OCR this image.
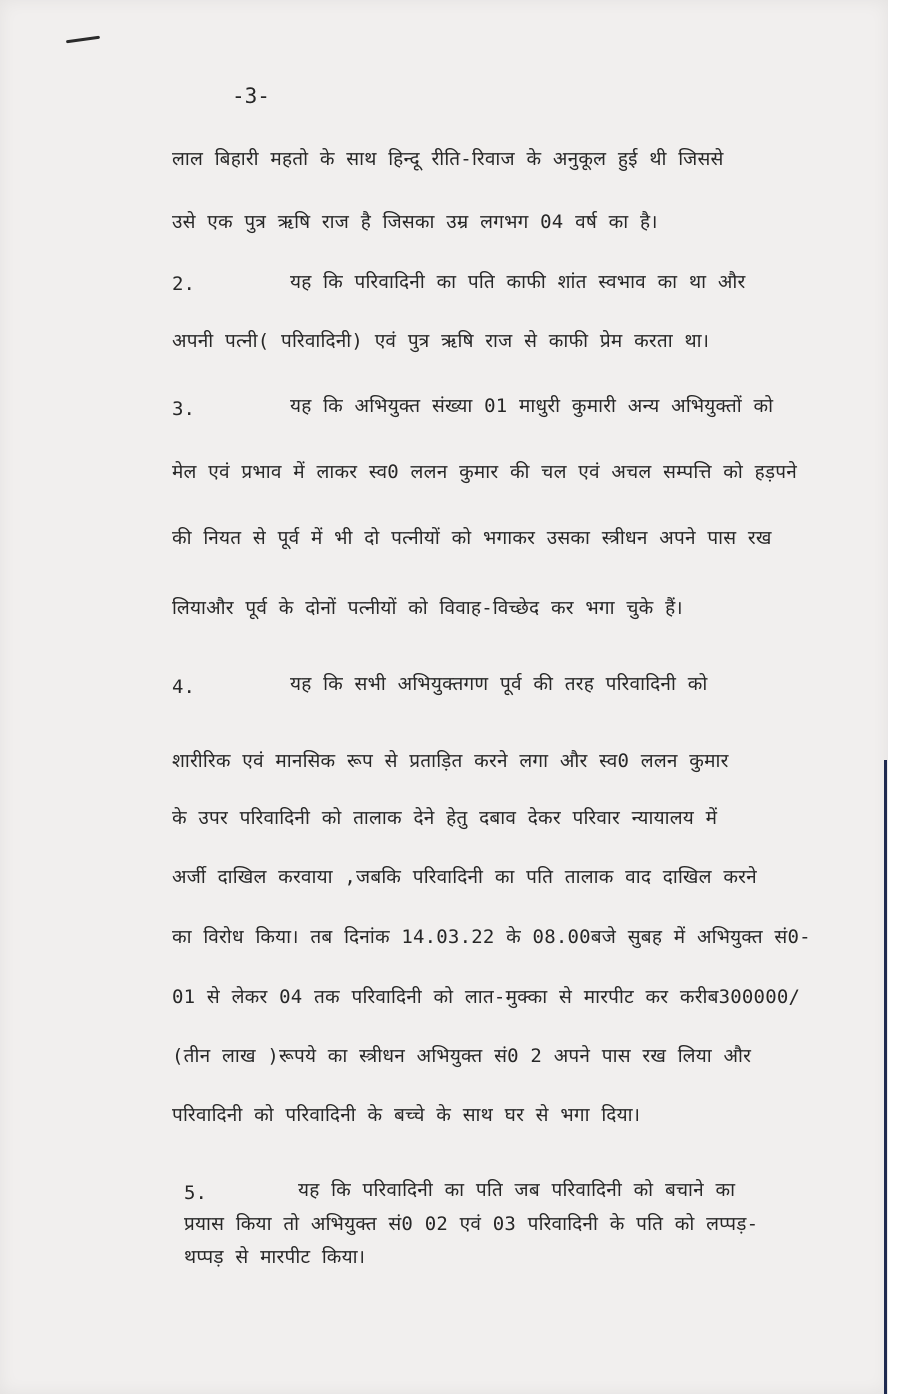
-3-

लाल बिहारी महतो के साथ हिन्दू रीति-रिवाज के अनुकूल हुई थी जिससे

उसे एक पुत्र ऋषि राज है जिसका उम्र लगभग 04 वर्ष का है।

2.	यह कि परिवादिनी का पति काफी शांत स्वभाव का था और

अपनी पत्नी( परिवादिनी) एवं पुत्र ऋषि राज से काफी प्रेम करता था।

3.	यह कि अभियुक्त संख्या 01 माधुरी कुमारी अन्य अभियुक्तों को

मेल एवं प्रभाव में लाकर स्व0 ललन कुमार की चल एवं अचल सम्पत्ति को हड़पने

की नियत से पूर्व में भी दो पत्नीयों को भगाकर उसका स्त्रीधन अपने पास रख

लियाऔर पूर्व के दोनों पत्नीयों को विवाह-विच्छेद कर भगा चुके हैं।

4.	यह कि सभी अभियुक्तगण पूर्व की तरह परिवादिनी को

शारीरिक एवं मानसिक रूप से प्रताड़ित करने लगा और स्व0 ललन कुमार

के उपर परिवादिनी को तालाक देने हेतु दबाव देकर परिवार न्यायालय में

अर्जी दाखिल करवाया ,जबकि परिवादिनी का पति तालाक वाद दाखिल करने

का विरोध किया। तब दिनांक 14.03.22 के 08.00बजे सुबह में अभियुक्त सं0-

01 से लेकर 04 तक परिवादिनी को लात-मुक्का से मारपीट कर करीब300000/

(तीन लाख )रूपये का स्त्रीधन अभियुक्त सं0 2 अपने पास रख लिया और

परिवादिनी को परिवादिनी के बच्चे के साथ घर से भगा दिया।

5.	यह कि परिवादिनी का पति जब परिवादिनी को बचाने का

प्रयास किया तो अभियुक्त सं0 02 एवं 03 परिवादिनी के पति को लप्पड़-

थप्पड़ से मारपीट किया।
